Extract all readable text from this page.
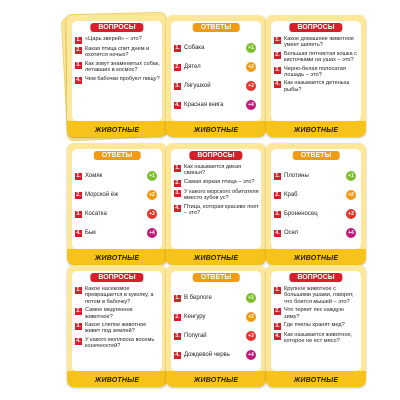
ВОПРОСЫ
1. «Царь зверей» – это?
2. Какая птица спит днем и охотится ночью?
3. Как зовут знаменитых собак, летавших в космос?
4. Чем бабочки пробуют пищу?
ЖИВОТНЫЕ
ОТВЕТЫ
1. Собака	+1
2. Дятел	+2
3. Лягушкой	+3
4. Красная книга	+4
ЖИВОТНЫЕ
ВОПРОСЫ
1. Какое домашнее животное умеет шипеть?
2. Большая пятнистая кошка с кисточками на ушах – это?
3. Черно-белая полосатая лошадь – это?
4. Как называется детеныш рыбы?
ЖИВОТНЫЕ
ОТВЕТЫ
1. Хомяк	+1
2. Морской ёж	+2
3. Косатка	+3
4. Бык	+4
ЖИВОТНЫЕ
ВОПРОСЫ
1. Как называется дикая свинья?
2. Самая зоркая птица – это?
3. У какого морского обитателя вместо зубов ус?
4. Птица, которая красиво поет – это?
ЖИВОТНЫЕ
ОТВЕТЫ
1. Плотины	+1
2. Краб	+2
3. Броненосец	+3
4. Осел	+4
ЖИВОТНЫЕ
ВОПРОСЫ
1. Какое насекомое превращается в куколку, а потом в бабочку?
2. Самое медленное животное?
3. Какое слепое животное живет под землей?
4. У какого моллюска восемь конечностей?
ЖИВОТНЫЕ
ОТВЕТЫ
1. В берлоге	+1
2. Кенгуру	+2
3. Попугай	+3
4. Дождевой червь	+4
ЖИВОТНЫЕ
ВОПРОСЫ
1. Крупное животное с большими ушами, говорят, что боится мышей – это?
2. Что теряет пес каждую зиму?
3. Где пчелы хранят мед?
4. Как называется животное, которое не ест мясо?
ЖИВОТНЫЕ
